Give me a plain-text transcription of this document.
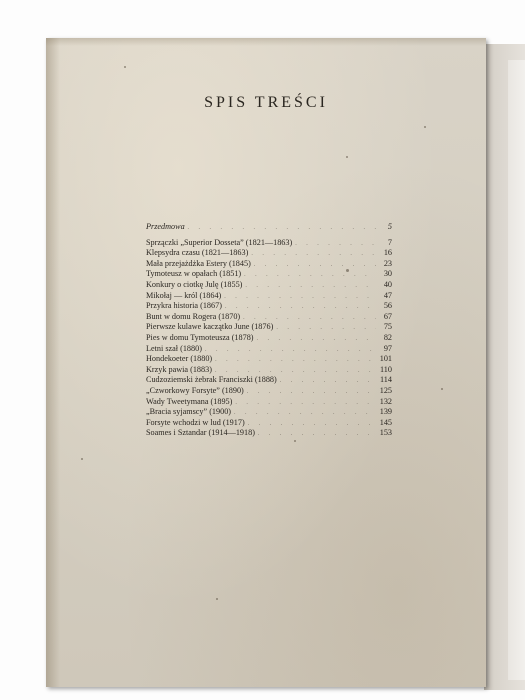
SPIS TREŚCI
Przedmowa . . .	5
Sprzączki „Superior Dosseta” (1821—1863) . . .	7
Klepsydra czasu (1821—1863) . . .	16
Mała przejażdżka Estery (1845) . . .	23
Tymoteusz w opałach (1851) . . .	30
Konkury o ciotkę Julę (1855) . . .	40
Mikołaj — król (1864) . . .	47
Przykra historia (1867) . . .	56
Bunt w domu Rogera (1870) . . .	67
Pierwsze kulawe kaczątko June (1876) . . .	75
Pies w domu Tymoteusza (1878) . . .	82
Letni szał (1880) . . .	97
Hondekoeter (1880) . . .	101
Krzyk pawia (1883) . . .	110
Cudzoziemski żebrak Franciszki (1888) . . .	114
„Czworkowy Forsyte” (1890) . . .	125
Wady Tweetymana (1895) . . .	132
„Bracia syjamscy” (1900) . . .	139
Forsyte wchodzi w lud (1917) . . .	145
Soames i Sztandar (1914—1918) . . .	153
